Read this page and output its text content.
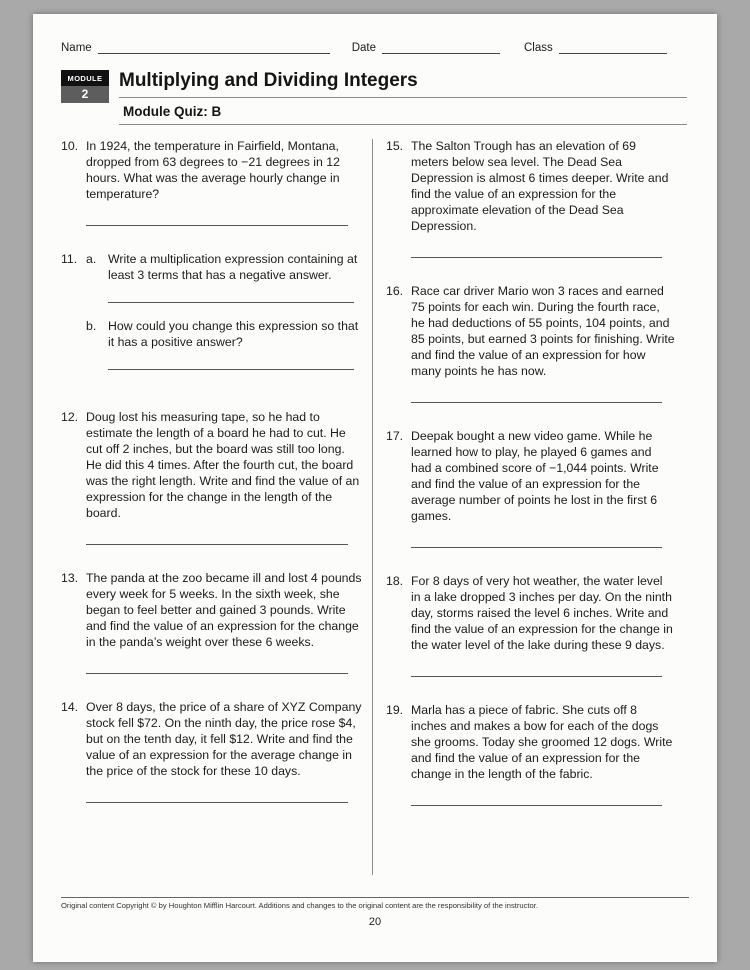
Name	Date	Class
MODULE
2
Multiplying and Dividing Integers
Module Quiz: B
10. In 1924, the temperature in Fairfield, Montana, dropped from 63 degrees to −21 degrees in 12 hours. What was the average hourly change in temperature?

11. a. Write a multiplication expression containing at least 3 terms that has a negative answer.

b. How could you change this expression so that it has a positive answer?

12. Doug lost his measuring tape, so he had to estimate the length of a board he had to cut. He cut off 2 inches, but the board was still too long. He did this 4 times. After the fourth cut, the board was the right length. Write and find the value of an expression for the change in the length of the board.

13. The panda at the zoo became ill and lost 4 pounds every week for 5 weeks. In the sixth week, she began to feel better and gained 3 pounds. Write and find the value of an expression for the change in the panda’s weight over these 6 weeks.

14. Over 8 days, the price of a share of XYZ Company stock fell $72. On the ninth day, the price rose $4, but on the tenth day, it fell $12. Write and find the value of an expression for the average change in the price of the stock for these 10 days.

15. The Salton Trough has an elevation of 69 meters below sea level. The Dead Sea Depression is almost 6 times deeper. Write and find the value of an expression for the approximate elevation of the Dead Sea Depression.

16. Race car driver Mario won 3 races and earned 75 points for each win. During the fourth race, he had deductions of 55 points, 104 points, and 85 points, but earned 3 points for finishing. Write and find the value of an expression for how many points he has now.

17. Deepak bought a new video game. While he learned how to play, he played 6 games and had a combined score of −1,044 points. Write and find the value of an expression for the average number of points he lost in the first 6 games.

18. For 8 days of very hot weather, the water level in a lake dropped 3 inches per day. On the ninth day, storms raised the level 6 inches. Write and find the value of an expression for the change in the water level of the lake during these 9 days.

19. Marla has a piece of fabric. She cuts off 8 inches and makes a bow for each of the dogs she grooms. Today she groomed 12 dogs. Write and find the value of an expression for the change in the length of the fabric.

Original content Copyright © by Houghton Mifflin Harcourt. Additions and changes to the original content are the responsibility of the instructor.
20
